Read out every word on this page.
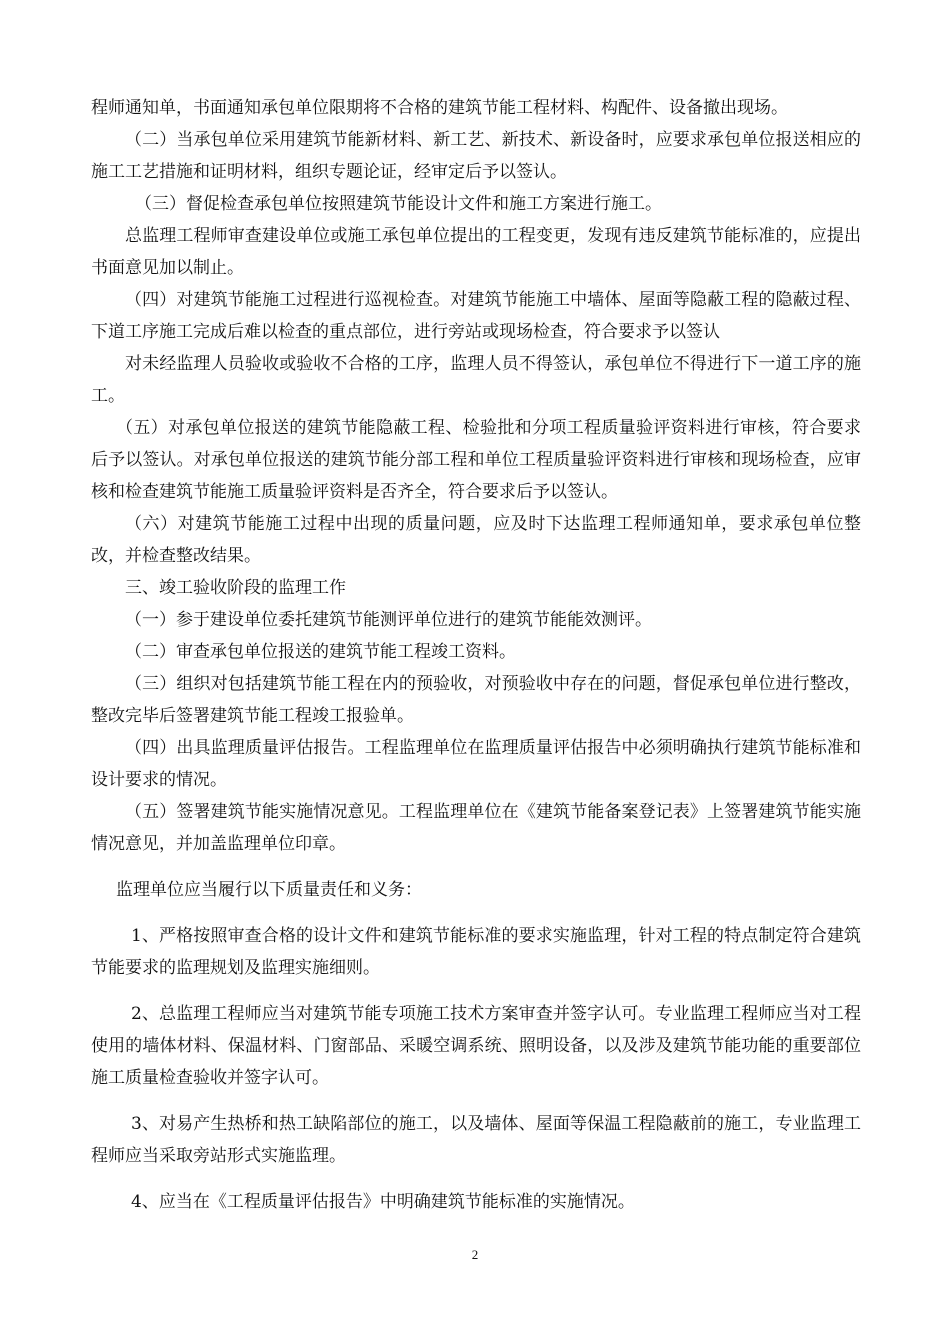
程师通知单，书面通知承包单位限期将不合格的建筑节能工程材料、构配件、设备撤出现场。

（二）当承包单位采用建筑节能新材料、新工艺、新技术、新设备时，应要求承包单位报送相应的施工工艺措施和证明材料，组织专题论证，经审定后予以签认。

（三）督促检查承包单位按照建筑节能设计文件和施工方案进行施工。

总监理工程师审查建设单位或施工承包单位提出的工程变更，发现有违反建筑节能标准的，应提出书面意见加以制止。

（四）对建筑节能施工过程进行巡视检查。对建筑节能施工中墙体、屋面等隐蔽工程的隐蔽过程、下道工序施工完成后难以检查的重点部位，进行旁站或现场检查，符合要求予以签认

对未经监理人员验收或验收不合格的工序，监理人员不得签认，承包单位不得进行下一道工序的施工。

（五）对承包单位报送的建筑节能隐蔽工程、检验批和分项工程质量验评资料进行审核，符合要求后予以签认。对承包单位报送的建筑节能分部工程和单位工程质量验评资料进行审核和现场检查，应审核和检查建筑节能施工质量验评资料是否齐全，符合要求后予以签认。

（六）对建筑节能施工过程中出现的质量问题，应及时下达监理工程师通知单，要求承包单位整改，并检查整改结果。

三、竣工验收阶段的监理工作

（一）参于建设单位委托建筑节能测评单位进行的建筑节能能效测评。

（二）审查承包单位报送的建筑节能工程竣工资料。

（三）组织对包括建筑节能工程在内的预验收，对预验收中存在的问题，督促承包单位进行整改，整改完毕后签署建筑节能工程竣工报验单。

（四）出具监理质量评估报告。工程监理单位在监理质量评估报告中必须明确执行建筑节能标准和设计要求的情况。

（五）签署建筑节能实施情况意见。工程监理单位在《建筑节能备案登记表》上签署建筑节能实施情况意见，并加盖监理单位印章。

监理单位应当履行以下质量责任和义务：

1、严格按照审查合格的设计文件和建筑节能标准的要求实施监理，针对工程的特点制定符合建筑节能要求的监理规划及监理实施细则。

2、总监理工程师应当对建筑节能专项施工技术方案审查并签字认可。专业监理工程师应当对工程使用的墙体材料、保温材料、门窗部品、采暖空调系统、照明设备，以及涉及建筑节能功能的重要部位施工质量检查验收并签字认可。

3、对易产生热桥和热工缺陷部位的施工，以及墙体、屋面等保温工程隐蔽前的施工，专业监理工程师应当采取旁站形式实施监理。

4、应当在《工程质量评估报告》中明确建筑节能标准的实施情况。

2
